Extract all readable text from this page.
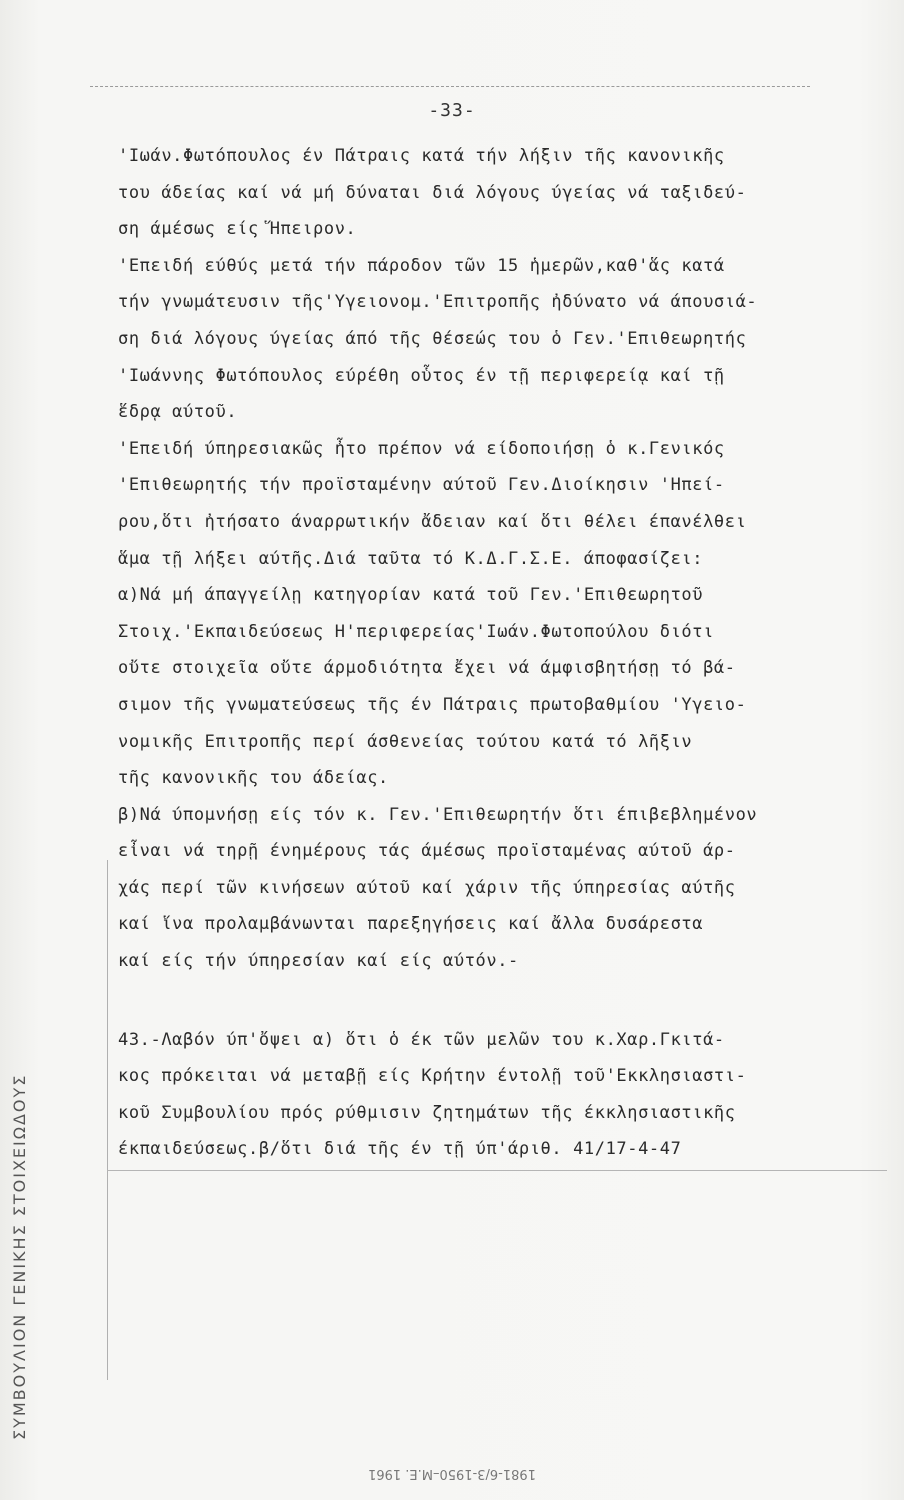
-33-
'Ιωάν.Φωτόπουλος έν Πάτραις κατά τήν λήξιν τῆς κανονικῆς
του άδείας καί νά μή δύναται διά λόγους ύγείας νά ταξιδεύ-
ση άμέσως είς Ἥπειρον.
'Επειδή εύθύς μετά τήν πάροδον τῶν 15 ἡμερῶν,καθ'ἅς κατά
τήν γνωμάτευσιν τῆς'Υγειονομ.'Επιτροπῆς ἠδύνατο νά άπουσιά-
ση διά λόγους ύγείας άπό τῆς θέσεώς του ὁ Γεν.'Επιθεωρητής
'Ιωάννης Φωτόπουλος εύρέθη οὗτος έν τῇ περιφερείᾳ καί τῇ
ἕδρᾳ αύτοῦ.
'Επειδή ύπηρεσιακῶς ἦτο πρέπον νά είδοποιήσῃ ὁ κ.Γενικός
'Επιθεωρητής τήν προϊσταμένην αύτοῦ Γεν.Διοίκησιν 'Ηπεί-
ρου,ὅτι ἠτήσατο άναρρωτικήν ἄδειαν καί ὅτι θέλει έπανέλθει
ἅμα τῇ λήξει αύτῆς.Διά ταῦτα τό Κ.Δ.Γ.Σ.Ε. άποφασίζει:
α)Νά μή άπαγγείλῃ κατηγορίαν κατά τοῦ Γεν.'Επιθεωρητοῦ
Στοιχ.'Εκπαιδεύσεως Η'περιφερείας'Ιωάν.Φωτοπούλου διότι
οὔτε στοιχεῖα οὔτε άρμοδιότητα ἔχει νά άμφισβητήσῃ τό βά-
σιμον τῆς γνωματεύσεως τῆς έν Πάτραις πρωτοβαθμίου 'Υγειο-
νομικῆς Επιτροπῆς περί άσθενείας τούτου κατά τό λῆξιν
τῆς κανονικῆς του άδείας.
β)Νά ύπομνήσῃ είς τόν κ. Γεν.'Επιθεωρητήν ὅτι έπιβεβλημένον
εἶναι νά τηρῇ ένημέρους τάς άμέσως προϊσταμένας αύτοῦ άρ-
χάς περί τῶν κινήσεων αύτοῦ καί χάριν τῆς ύπηρεσίας αύτῆς
καί ἵνα προλαμβάνωνται παρεξηγήσεις καί ἄλλα δυσάρεστα
καί είς τήν ύπηρεσίαν καί είς αύτόν.-
43.-Λαβόν ύπ'ὄψει α) ὅτι ὁ έκ τῶν μελῶν του κ.Χαρ.Γκιτά-
κος πρόκειται νά μεταβῇ είς Κρήτην έντολῇ τοῦ'Εκκλησιαστι-
κοῦ Συμβουλίου πρός ρύθμισιν ζητημάτων τῆς έκκλησιαστικῆς
έκπαιδεύσεως.β/ὅτι διά τῆς έν τῇ ύπ'άριθ. 41/17-4-47
ΣΥΜΒΟΥΛΙΟΝ ΓΕΝΙΚΗΣ ΣΤΟΙΧΕΙΩΔΟΥΣ
1981-6/3-1950–Μ.Ε. 1961
